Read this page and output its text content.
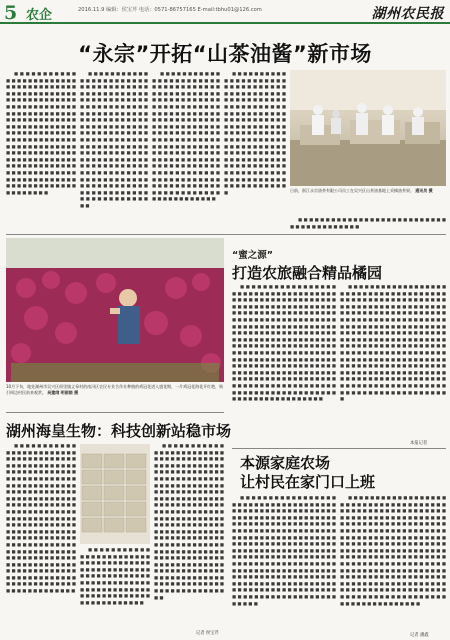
5 农企	2016.11.9 编辑：侯宝芹 电话：0571-86757165 E-mail:tbhu01@126.com	湖州农民报
“永宗”开拓“山茶油酱”新市场

■ ■ ■ ■ ■ ■ ■ ■ ■ ■ ■ ■ ■ ■ ■ ■ ■ ■ ■ ■ ■ ■ ■ ■ ■ ■ ■ ■ ■ ■ ■ ■ ■ ■ ■ ■ ■ ■ ■ ■ ■ ■ ■ ■ ■ ■ ■ ■ ■ ■ ■ ■ ■ ■ ■ ■ ■ ■ ■ ■ ■ ■ ■ ■ ■ ■ ■ ■ ■ ■ ■ ■ ■ ■ ■ ■ ■ ■ ■ ■ ■ ■ ■ ■ ■ ■ ■ ■ ■ ■ ■ ■ ■ ■ ■ ■ ■ ■ ■ ■ ■ ■ ■ ■ ■ ■ ■ ■ ■ ■ ■ ■ ■ ■ ■ ■ ■ ■ ■ ■ ■ ■ ■ ■ ■ ■ ■ ■ ■ ■ ■ ■ ■ ■ ■ ■ ■ ■ ■ ■ ■ ■ ■ ■ ■ ■ ■ ■ ■ ■ ■ ■ ■ ■ ■ ■ ■ ■ ■ ■ ■ ■ ■ ■ ■ ■ ■ ■ ■ ■ ■ ■ ■ ■ ■ ■ ■ ■ ■ ■ ■ ■ ■ ■ ■ ■ ■ ■ ■ ■ ■ ■ ■ ■ ■ ■ ■ ■ ■ ■ ■ ■ ■ ■ ■ ■ ■ ■ ■ ■ ■ ■ ■ ■ ■ ■ ■ ■ ■ ■ ■ ■ ■ ■ ■ ■ ■ ■ ■ ■ ■ ■ ■ ■ ■ ■ ■ ■ ■ ■

■ ■ ■ ■ ■ ■ ■ ■ ■ ■ ■ ■ ■ ■ ■ ■ ■ ■ ■ ■ ■ ■ ■ ■ ■ ■ ■ ■ ■ ■ ■ ■ ■ ■ ■ ■ ■ ■ ■ ■ ■ ■ ■ ■ ■ ■ ■ ■ ■ ■ ■ ■ ■ ■ ■ ■ ■ ■ ■ ■ ■ ■ ■ ■ ■ ■ ■ ■ ■ ■ ■ ■ ■ ■ ■ ■ ■ ■ ■ ■ ■ ■ ■ ■ ■ ■ ■ ■ ■ ■ ■ ■ ■ ■ ■ ■ ■ ■ ■ ■ ■ ■ ■ ■ ■ ■ ■ ■ ■ ■ ■ ■ ■ ■ ■ ■ ■ ■ ■ ■ ■ ■ ■ ■ ■ ■ ■ ■ ■ ■ ■ ■ ■ ■ ■ ■ ■ ■ ■ ■ ■ ■ ■ ■ ■ ■ ■ ■ ■ ■ ■ ■ ■ ■ ■ ■ ■ ■ ■ ■ ■ ■ ■ ■ ■ ■ ■ ■ ■ ■ ■ ■ ■ ■ ■ ■ ■ ■ ■ ■ ■ ■ ■ ■ ■ ■ ■ ■ ■ ■ ■ ■ ■ ■ ■ ■ ■ ■ ■ ■ ■ ■ ■ ■ ■ ■ ■ ■ ■ ■ ■ ■ ■ ■ ■ ■ ■ ■ ■ ■ ■ ■ ■ ■ ■ ■ ■ ■ ■ ■ ■ ■ ■ ■ ■ ■ ■ ■ ■ ■ ■

■ ■ ■ ■ ■ ■ ■ ■ ■ ■ ■ ■ ■ ■ ■ ■ ■ ■ ■ ■ ■ ■ ■ ■ ■ ■ ■ ■ ■ ■ ■ ■ ■ ■ ■ ■ ■ ■ ■ ■ ■ ■ ■ ■ ■ ■ ■ ■ ■ ■ ■ ■ ■ ■ ■ ■ ■ ■ ■ ■ ■ ■ ■ ■ ■ ■ ■ ■ ■ ■ ■ ■ ■ ■ ■ ■ ■ ■ ■ ■ ■ ■ ■ ■ ■ ■ ■ ■ ■ ■ ■ ■ ■ ■ ■ ■ ■ ■ ■ ■ ■ ■ ■ ■ ■ ■ ■ ■ ■ ■ ■ ■ ■ ■ ■ ■ ■ ■ ■ ■ ■ ■ ■ ■ ■ ■ ■ ■ ■ ■ ■ ■ ■ ■ ■ ■ ■ ■ ■ ■ ■ ■ ■ ■ ■ ■ ■ ■ ■ ■ ■ ■ ■ ■ ■ ■ ■ ■ ■ ■ ■ ■ ■ ■ ■ ■ ■ ■ ■ ■ ■ ■ ■ ■ ■ ■ ■ ■ ■ ■ ■ ■ ■ ■ ■ ■ ■ ■ ■ ■ ■ ■ ■ ■ ■ ■ ■ ■ ■ ■ ■ ■ ■ ■ ■ ■ ■ ■ ■ ■ ■ ■ ■ ■ ■ ■ ■ ■ ■ ■ ■ ■ ■ ■ ■ ■ ■ ■ ■ ■ ■ ■ ■ ■ ■ ■ ■ ■ ■

■ ■ ■ ■ ■ ■ ■ ■ ■ ■ ■ ■ ■ ■ ■ ■ ■ ■ ■ ■ ■ ■ ■ ■ ■ ■ ■ ■ ■ ■ ■ ■ ■ ■ ■ ■ ■ ■ ■ ■ ■ ■ ■ ■ ■ ■ ■ ■ ■ ■ ■ ■ ■ ■ ■ ■ ■ ■ ■ ■ ■ ■ ■ ■ ■ ■ ■ ■ ■ ■ ■ ■ ■ ■ ■ ■ ■ ■ ■ ■ ■ ■ ■ ■ ■ ■ ■ ■ ■ ■ ■ ■ ■ ■ ■ ■ ■ ■ ■ ■ ■ ■ ■ ■ ■ ■ ■ ■ ■ ■ ■ ■ ■ ■ ■ ■ ■ ■ ■ ■ ■ ■ ■ ■ ■ ■ ■ ■ ■ ■ ■ ■ ■ ■ ■ ■ ■ ■ ■ ■ ■ ■ ■ ■ ■ ■ ■ ■ ■ ■ ■ ■ ■ ■ ■ ■ ■ ■ ■ ■ ■ ■ ■ ■ ■ ■ ■ ■ ■ ■ ■ ■ ■ ■ ■ ■ ■ ■ ■ ■ ■ ■ ■ ■ ■ ■ ■ ■ ■ ■ ■ ■ ■ ■ ■ ■ ■ ■

日前，浙江永宗油茶有限公司员工在吴兴区山茶油基地上采摘油茶果。 通讯员 摄
10月下旬，地处湖州市吴兴区织里镇义皋村的南浔区农民专业合作社种植的鸡冠花进入盛花期，一片鸡冠花海花开红艳，吸引周边村民前来观赏。 吴建纲 明丽娟 摄

■ ■ ■ ■ ■ ■ ■ ■ ■ ■ ■ ■ ■ ■ ■ ■ ■ ■ ■ ■ ■ ■ ■ ■ ■ ■ ■ ■ ■ ■ ■ ■ ■ ■ ■ ■ ■ ■ ■ ■

“蜜之源”
打造农旅融合精品橘园

■ ■ ■ ■ ■ ■ ■ ■ ■ ■ ■ ■ ■ ■ ■ ■ ■ ■ ■ ■ ■ ■ ■ ■ ■ ■ ■ ■ ■ ■ ■ ■ ■ ■ ■ ■ ■ ■ ■ ■ ■ ■ ■ ■ ■ ■ ■ ■ ■ ■ ■ ■ ■ ■ ■ ■ ■ ■ ■ ■ ■ ■ ■ ■ ■ ■ ■ ■ ■ ■ ■ ■ ■ ■ ■ ■ ■ ■ ■ ■ ■ ■ ■ ■ ■ ■ ■ ■ ■ ■ ■ ■ ■ ■ ■ ■ ■ ■ ■ ■ ■ ■ ■ ■ ■ ■ ■ ■ ■ ■ ■ ■ ■ ■ ■ ■ ■ ■ ■ ■ ■ ■ ■ ■ ■ ■ ■ ■ ■ ■ ■ ■ ■ ■ ■ ■ ■ ■ ■ ■ ■ ■ ■ ■ ■ ■ ■ ■ ■ ■ ■ ■ ■ ■ ■ ■ ■ ■ ■ ■ ■ ■ ■ ■ ■ ■ ■ ■ ■ ■ ■ ■ ■ ■ ■ ■ ■ ■ ■ ■ ■ ■ ■ ■ ■ ■ ■ ■ ■ ■ ■ ■ ■ ■ ■ ■ ■ ■ ■ ■ ■ ■ ■ ■ ■ ■ ■ ■ ■ ■ ■ ■ ■ ■ ■ ■ ■ ■ ■ ■ ■ ■ ■ ■ ■ ■ ■ ■ ■ ■ ■ ■ ■ ■ ■ ■ ■ ■ ■ ■ ■ ■ ■ ■ ■ ■ ■ ■ ■ ■ ■ ■ ■ ■ ■ ■ ■ ■ ■ ■ ■ ■ ■ ■ ■ ■ ■ ■ ■ ■ ■ ■ ■ ■ ■ ■ ■ ■ ■ ■ ■ ■ ■ ■ ■ ■ ■ ■ ■ ■ ■ ■ ■ ■ ■ ■ ■ ■ ■ ■ ■ ■ ■ ■ ■ ■ ■ ■ ■ ■ ■ ■ ■ ■ ■ ■ ■ ■ ■ ■ ■ ■ ■ ■ ■ ■ ■ ■ ■ ■ ■ ■ ■ ■ ■ ■ ■ ■

■ ■ ■ ■ ■ ■ ■ ■ ■ ■ ■ ■ ■ ■ ■ ■ ■ ■ ■ ■ ■ ■ ■ ■ ■ ■ ■ ■ ■ ■ ■ ■ ■ ■ ■ ■ ■ ■ ■ ■ ■ ■ ■ ■ ■ ■ ■ ■ ■ ■ ■ ■ ■ ■ ■ ■ ■ ■ ■ ■ ■ ■ ■ ■ ■ ■ ■ ■ ■ ■ ■ ■ ■ ■ ■ ■ ■ ■ ■ ■ ■ ■ ■ ■ ■ ■ ■ ■ ■ ■ ■ ■ ■ ■ ■ ■ ■ ■ ■ ■ ■ ■ ■ ■ ■ ■ ■ ■ ■ ■ ■ ■ ■ ■ ■ ■ ■ ■ ■ ■ ■ ■ ■ ■ ■ ■ ■ ■ ■ ■ ■ ■ ■ ■ ■ ■ ■ ■ ■ ■ ■ ■ ■ ■ ■ ■ ■ ■ ■ ■ ■ ■ ■ ■ ■ ■ ■ ■ ■ ■ ■ ■ ■ ■ ■ ■ ■ ■ ■ ■ ■ ■ ■ ■ ■ ■ ■ ■ ■ ■ ■ ■ ■ ■ ■ ■ ■ ■ ■ ■ ■ ■ ■ ■ ■ ■ ■ ■ ■ ■ ■ ■ ■ ■ ■ ■ ■ ■ ■ ■ ■ ■ ■ ■ ■ ■ ■ ■ ■ ■ ■ ■ ■ ■ ■ ■ ■ ■ ■ ■ ■ ■ ■ ■ ■ ■ ■ ■ ■ ■ ■ ■ ■ ■ ■ ■ ■ ■ ■ ■ ■ ■ ■ ■ ■ ■ ■ ■ ■ ■ ■ ■ ■ ■ ■ ■ ■ ■ ■ ■ ■ ■ ■ ■ ■ ■ ■ ■ ■ ■ ■ ■ ■ ■ ■ ■ ■ ■ ■ ■ ■ ■ ■ ■ ■ ■ ■ ■ ■ ■ ■ ■ ■ ■ ■ ■ ■ ■ ■ ■ ■ ■ ■ ■ ■ ■ ■ ■ ■ ■ ■ ■ ■

本报记者
湖州海皇生物：科技创新站稳市场

■ ■ ■ ■ ■ ■ ■ ■ ■ ■ ■ ■ ■ ■ ■ ■ ■ ■ ■ ■ ■ ■ ■ ■ ■ ■ ■ ■ ■ ■ ■ ■ ■ ■ ■ ■ ■ ■ ■ ■ ■ ■ ■ ■ ■ ■ ■ ■ ■ ■ ■ ■ ■ ■ ■ ■ ■ ■ ■ ■ ■ ■ ■ ■ ■ ■ ■ ■ ■ ■ ■ ■ ■ ■ ■ ■ ■ ■ ■ ■ ■ ■ ■ ■ ■ ■ ■ ■ ■ ■ ■ ■ ■ ■ ■ ■ ■ ■ ■ ■ ■ ■ ■ ■ ■ ■ ■ ■ ■ ■ ■ ■ ■ ■ ■ ■ ■ ■ ■ ■ ■ ■ ■ ■ ■ ■ ■ ■ ■ ■ ■ ■ ■ ■ ■ ■ ■ ■ ■ ■ ■ ■ ■ ■ ■ ■ ■ ■ ■ ■ ■ ■ ■ ■ ■ ■ ■ ■ ■ ■ ■ ■ ■ ■ ■ ■ ■ ■ ■ ■ ■ ■ ■ ■ ■ ■ ■ ■ ■ ■ ■ ■ ■ ■ ■ ■ ■ ■ ■ ■ ■ ■ ■ ■ ■ ■ ■ ■ ■ ■ ■ ■ ■ ■ ■ ■ ■ ■ ■ ■ ■ ■ ■ ■ ■ ■ ■ ■ ■ ■ ■ ■ ■ ■ ■ ■ ■ ■ ■ ■ ■ ■ ■ ■ ■ ■ ■ ■ ■ ■ ■ ■ ■ ■ ■ ■ ■ ■ ■ ■ ■ ■ ■ ■ ■ ■ ■ ■ ■ ■ ■ ■ ■ ■ ■ ■ ■ ■ ■ ■ ■ ■ ■ ■ ■ ■ ■ ■ ■ ■ ■ ■ ■ ■ ■ ■ ■ ■ ■ ■ ■ ■ ■ ■ ■ ■ ■

■ ■ ■ ■ ■ ■ ■ ■ ■ ■ ■ ■ ■ ■ ■ ■ ■ ■ ■ ■ ■ ■ ■ ■ ■ ■ ■ ■ ■ ■ ■ ■ ■ ■ ■ ■ ■ ■ ■ ■ ■ ■ ■ ■ ■ ■ ■ ■ ■ ■ ■ ■ ■ ■ ■ ■ ■ ■ ■ ■ ■ ■ ■ ■ ■ ■ ■ ■ ■ ■ ■ ■ ■ ■ ■ ■ ■ ■ ■ ■ ■ ■ ■ ■ ■ ■ ■ ■ ■ ■ ■ ■ ■ ■ ■ ■ ■ ■ ■ ■ ■ ■ ■ ■ ■ ■ ■ ■ ■ ■ ■ ■ ■ ■

■ ■ ■ ■ ■ ■ ■ ■ ■ ■ ■ ■ ■ ■ ■ ■ ■ ■ ■ ■ ■ ■ ■ ■ ■ ■ ■ ■ ■ ■ ■ ■ ■ ■ ■ ■ ■ ■ ■ ■ ■ ■ ■ ■ ■ ■ ■ ■ ■ ■ ■ ■ ■ ■ ■ ■ ■ ■ ■ ■ ■ ■ ■ ■ ■ ■ ■ ■ ■ ■ ■ ■ ■ ■ ■ ■ ■ ■ ■ ■ ■ ■ ■ ■ ■ ■ ■ ■ ■ ■ ■ ■ ■ ■ ■ ■ ■ ■ ■ ■ ■ ■ ■ ■ ■ ■ ■ ■ ■ ■ ■ ■ ■ ■ ■ ■ ■ ■ ■ ■ ■ ■ ■ ■ ■ ■ ■ ■ ■ ■ ■ ■ ■ ■ ■ ■ ■ ■ ■ ■ ■ ■ ■ ■ ■ ■ ■ ■ ■ ■ ■ ■ ■ ■ ■ ■ ■ ■ ■ ■ ■ ■ ■ ■ ■ ■ ■ ■ ■ ■ ■ ■ ■ ■ ■ ■ ■ ■ ■ ■ ■ ■ ■ ■ ■ ■ ■ ■ ■ ■ ■ ■ ■ ■ ■ ■ ■ ■ ■ ■ ■ ■ ■ ■ ■ ■ ■ ■ ■ ■ ■ ■ ■ ■ ■ ■ ■ ■ ■ ■ ■ ■ ■ ■ ■ ■ ■ ■ ■ ■ ■ ■ ■ ■ ■ ■ ■ ■ ■ ■ ■ ■ ■ ■ ■ ■ ■ ■ ■ ■ ■ ■ ■ ■ ■ ■ ■ ■ ■ ■ ■ ■ ■ ■ ■ ■ ■ ■ ■ ■ ■ ■ ■ ■ ■ ■ ■ ■ ■ ■ ■ ■ ■ ■ ■ ■ ■ ■ ■ ■ ■ ■ ■ ■ ■ ■ ■ ■ ■

记者 侯宝芹
本源家庭农场
让村民在家门口上班

■ ■ ■ ■ ■ ■ ■ ■ ■ ■ ■ ■ ■ ■ ■ ■ ■ ■ ■ ■ ■ ■ ■ ■ ■ ■ ■ ■ ■ ■ ■ ■ ■ ■ ■ ■ ■ ■ ■ ■ ■ ■ ■ ■ ■ ■ ■ ■ ■ ■ ■ ■ ■ ■ ■ ■ ■ ■ ■ ■ ■ ■ ■ ■ ■ ■ ■ ■ ■ ■ ■ ■ ■ ■ ■ ■ ■ ■ ■ ■ ■ ■ ■ ■ ■ ■ ■ ■ ■ ■ ■ ■ ■ ■ ■ ■ ■ ■ ■ ■ ■ ■ ■ ■ ■ ■ ■ ■ ■ ■ ■ ■ ■ ■ ■ ■ ■ ■ ■ ■ ■ ■ ■ ■ ■ ■ ■ ■ ■ ■ ■ ■ ■ ■ ■ ■ ■ ■ ■ ■ ■ ■ ■ ■ ■ ■ ■ ■ ■ ■ ■ ■ ■ ■ ■ ■ ■ ■ ■ ■ ■ ■ ■ ■ ■ ■ ■ ■ ■ ■ ■ ■ ■ ■ ■ ■ ■ ■ ■ ■ ■ ■ ■ ■ ■ ■ ■ ■ ■ ■ ■ ■ ■ ■ ■ ■ ■ ■ ■ ■ ■ ■ ■ ■ ■ ■ ■ ■ ■ ■ ■ ■ ■ ■ ■ ■ ■ ■ ■ ■ ■ ■ ■ ■ ■ ■ ■ ■ ■ ■ ■ ■ ■ ■ ■ ■ ■ ■ ■ ■ ■ ■ ■ ■ ■ ■ ■ ■ ■ ■ ■ ■ ■ ■ ■ ■ ■ ■ ■ ■ ■ ■ ■ ■ ■ ■ ■ ■ ■ ■ ■ ■ ■ ■ ■ ■ ■ ■ ■ ■ ■ ■ ■ ■ ■ ■ ■ ■ ■ ■ ■ ■ ■ ■ ■ ■ ■ ■ ■ ■ ■ ■ ■ ■ ■ ■ ■

■ ■ ■ ■ ■ ■ ■ ■ ■ ■ ■ ■ ■ ■ ■ ■ ■ ■ ■ ■ ■ ■ ■ ■ ■ ■ ■ ■ ■ ■ ■ ■ ■ ■ ■ ■ ■ ■ ■ ■ ■ ■ ■ ■ ■ ■ ■ ■ ■ ■ ■ ■ ■ ■ ■ ■ ■ ■ ■ ■ ■ ■ ■ ■ ■ ■ ■ ■ ■ ■ ■ ■ ■ ■ ■ ■ ■ ■ ■ ■ ■ ■ ■ ■ ■ ■ ■ ■ ■ ■ ■ ■ ■ ■ ■ ■ ■ ■ ■ ■ ■ ■ ■ ■ ■ ■ ■ ■ ■ ■ ■ ■ ■ ■ ■ ■ ■ ■ ■ ■ ■ ■ ■ ■ ■ ■ ■ ■ ■ ■ ■ ■ ■ ■ ■ ■ ■ ■ ■ ■ ■ ■ ■ ■ ■ ■ ■ ■ ■ ■ ■ ■ ■ ■ ■ ■ ■ ■ ■ ■ ■ ■ ■ ■ ■ ■ ■ ■ ■ ■ ■ ■ ■ ■ ■ ■ ■ ■ ■ ■ ■ ■ ■ ■ ■ ■ ■ ■ ■ ■ ■ ■ ■ ■ ■ ■ ■ ■ ■ ■ ■ ■ ■ ■ ■ ■ ■ ■ ■ ■ ■ ■ ■ ■ ■ ■ ■ ■ ■ ■ ■ ■ ■ ■ ■ ■ ■ ■ ■ ■ ■ ■ ■ ■ ■ ■ ■ ■ ■ ■ ■ ■ ■ ■ ■ ■ ■ ■ ■ ■ ■ ■ ■ ■ ■ ■ ■ ■ ■ ■ ■ ■ ■ ■ ■ ■ ■ ■ ■ ■ ■ ■ ■ ■ ■ ■ ■ ■ ■ ■ ■ ■ ■ ■ ■ ■ ■ ■ ■ ■ ■ ■ ■ ■ ■ ■ ■ ■ ■ ■ ■ ■ ■ ■ ■ ■ ■ ■ ■ ■ ■ ■ ■ ■ ■ ■ ■ ■

记者 潘鑫
